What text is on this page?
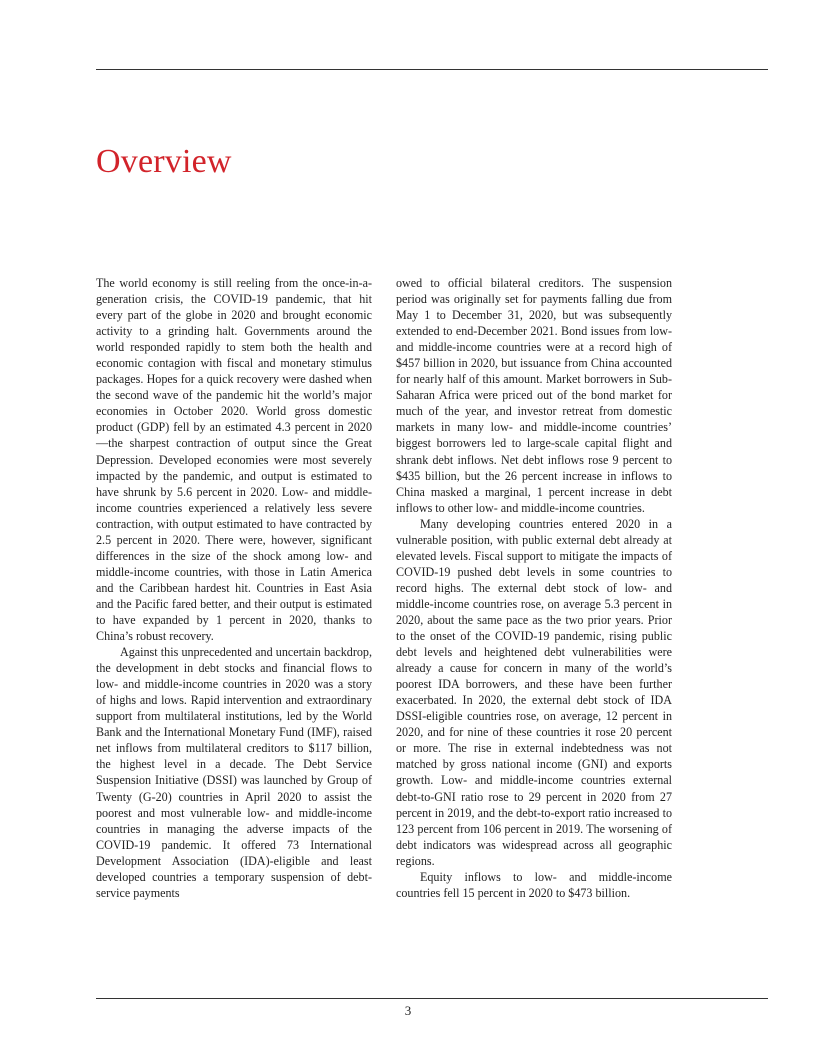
Overview

The world economy is still reeling from the once-in-a-generation crisis, the COVID-19 pandemic, that hit every part of the globe in 2020 and brought economic activity to a grinding halt. Governments around the world responded rapidly to stem both the health and economic contagion with fiscal and monetary stimulus packages. Hopes for a quick recovery were dashed when the second wave of the pandemic hit the world’s major economies in October 2020. World gross domestic product (GDP) fell by an estimated 4.3 percent in 2020—the sharpest contraction of output since the Great Depression. Developed economies were most severely impacted by the pandemic, and output is estimated to have shrunk by 5.6 percent in 2020. Low- and middle-income countries experienced a relatively less severe contraction, with output estimated to have contracted by 2.5 percent in 2020. There were, however, significant differences in the size of the shock among low- and middle-income countries, with those in Latin America and the Caribbean hardest hit. Countries in East Asia and the Pacific fared better, and their output is estimated to have expanded by 1 percent in 2020, thanks to China’s robust recovery.

Against this unprecedented and uncertain backdrop, the development in debt stocks and financial flows to low- and middle-income countries in 2020 was a story of highs and lows. Rapid intervention and extraordinary support from multilateral institutions, led by the World Bank and the International Monetary Fund (IMF), raised net inflows from multilateral creditors to $117 billion, the highest level in a decade. The Debt Service Suspension Initiative (DSSI) was launched by Group of Twenty (G-20) countries in April 2020 to assist the poorest and most vulnerable low- and middle-income countries in managing the adverse impacts of the COVID-19 pandemic. It offered 73 International Development Association (IDA)-eligible and least developed countries a temporary suspension of debt-service payments

owed to official bilateral creditors. The suspension period was originally set for payments falling due from May 1 to December 31, 2020, but was subsequently extended to end-December 2021. Bond issues from low- and middle-income countries were at a record high of $457 billion in 2020, but issuance from China accounted for nearly half of this amount. Market borrowers in Sub-Saharan Africa were priced out of the bond market for much of the year, and investor retreat from domestic markets in many low- and middle-income countries’ biggest borrowers led to large-scale capital flight and shrank debt inflows. Net debt inflows rose 9 percent to $435 billion, but the 26 percent increase in inflows to China masked a marginal, 1 percent increase in debt inflows to other low- and middle-income countries.

Many developing countries entered 2020 in a vulnerable position, with public external debt already at elevated levels. Fiscal support to mitigate the impacts of COVID-19 pushed debt levels in some countries to record highs. The external debt stock of low- and middle-income countries rose, on average 5.3 percent in 2020, about the same pace as the two prior years. Prior to the onset of the COVID-19 pandemic, rising public debt levels and heightened debt vulnerabilities were already a cause for concern in many of the world’s poorest IDA borrowers, and these have been further exacerbated. In 2020, the external debt stock of IDA DSSI-eligible countries rose, on average, 12 percent in 2020, and for nine of these countries it rose 20 percent or more. The rise in external indebtedness was not matched by gross national income (GNI) and exports growth. Low- and middle-income countries external debt-to-GNI ratio rose to 29 percent in 2020 from 27 percent in 2019, and the debt-to-export ratio increased to 123 percent from 106 percent in 2019. The worsening of debt indicators was widespread across all geographic regions.

Equity inflows to low- and middle-income countries fell 15 percent in 2020 to $473 billion.

3
